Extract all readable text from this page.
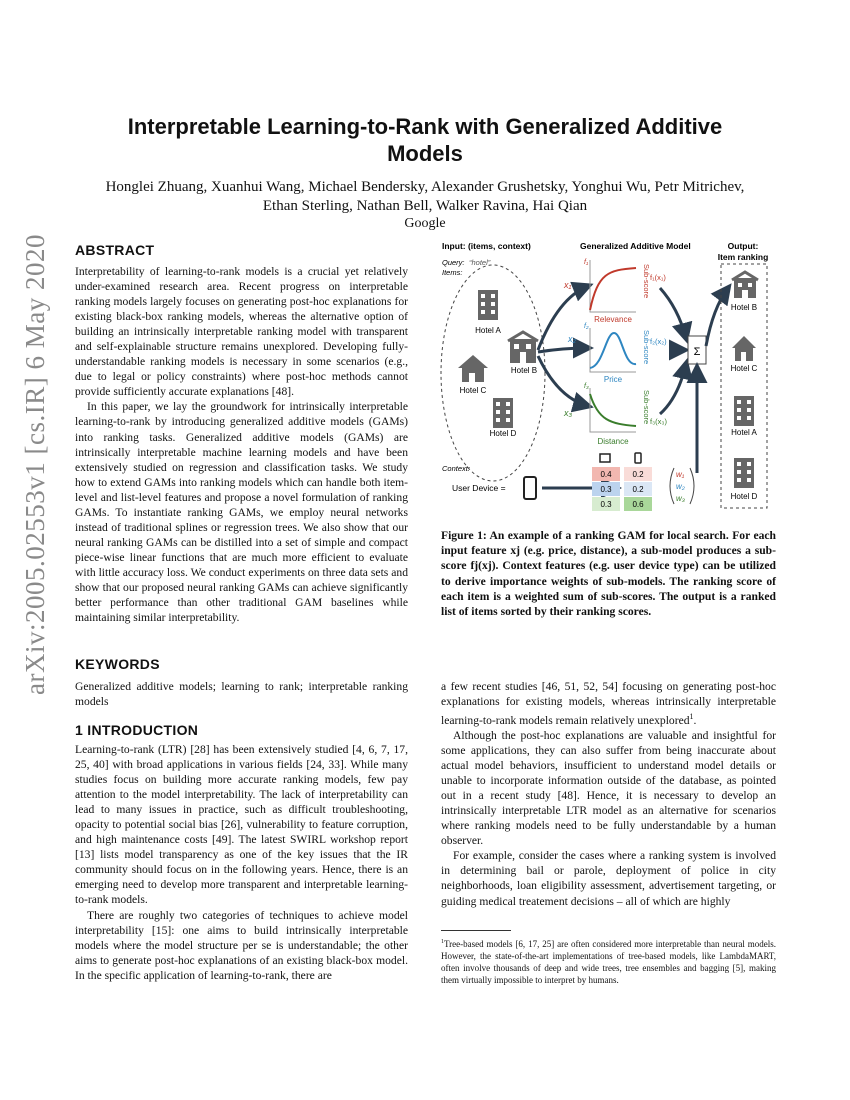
arXiv:2005.02553v1 [cs.IR] 6 May 2020
Interpretable Learning-to-Rank with Generalized Additive Models
Honglei Zhuang, Xuanhui Wang, Michael Bendersky, Alexander Grushetsky, Yonghui Wu, Petr Mitrichev, Ethan Sterling, Nathan Bell, Walker Ravina, Hai Qian
Google
ABSTRACT

Interpretability of learning-to-rank models is a crucial yet relatively under-examined research area. Recent progress on interpretable ranking models largely focuses on generating post-hoc explanations for existing black-box ranking models, whereas the alternative option of building an intrinsically interpretable ranking model with transparent and self-explainable structure remains unexplored. Developing fully-understandable ranking models is necessary in some scenarios (e.g., due to legal or policy constraints) where post-hoc methods cannot provide sufficiently accurate explanations [48].

In this paper, we lay the groundwork for intrinsically interpretable learning-to-rank by introducing generalized additive models (GAMs) into ranking tasks. Generalized additive models (GAMs) are intrinsically interpretable machine learning models and have been extensively studied on regression and classification tasks. We study how to extend GAMs into ranking models which can handle both item-level and list-level features and propose a novel formulation of ranking GAMs. To instantiate ranking GAMs, we employ neural networks instead of traditional splines or regression trees. We also show that our neural ranking GAMs can be distilled into a set of simple and compact piece-wise linear functions that are much more efficient to evaluate with little accuracy loss. We conduct experiments on three data sets and show that our proposed neural ranking GAMs can achieve significantly better performance than other traditional GAM baselines while maintaining similar interpretability.

KEYWORDS
Generalized additive models; learning to rank; interpretable ranking models
1 INTRODUCTION

Learning-to-rank (LTR) [28] has been extensively studied [4, 6, 7, 17, 25, 40] with broad applications in various fields [24, 33]. While many studies focus on building more accurate ranking models, few pay attention to the model interpretability. The lack of interpretability can lead to many issues in practice, such as difficult troubleshooting, opacity to potential social bias [26], vulnerability to feature corruption, and high maintenance costs [49]. The latest SWIRL workshop report [13] lists model transparency as one of the key issues that the IR community should focus on in the following years. Hence, there is an emerging need to develop more transparent and interpretable learning-to-rank models.

There are roughly two categories of techniques to achieve model interpretability [15]: one aims to build intrinsically interpretable models where the model structure per se is understandable; the other aims to generate post-hoc explanations of an existing black-box model. In the specific application of learning-to-rank, there are

Input: (items, context)	Generalized Additive Model	Output:
Item ranking
Query: “hotel”
Items:
Hotel A
Hotel B
Hotel C
Hotel D
x₁
x₂
x₃
f₁
Relevance
Sub-score f₁(x₁)
f₂
Price
Sub-score f₂(x₂)
f₃
Distance
Sub-score f₃(x₃)
Σ
Hotel B
Hotel C
Hotel A
Hotel D
Context:
User Device =
0.4	0.2
0.3	0.2
0.3	0.6
w₁
w₂
w₃
Figure 1: An example of a ranking GAM for local search. For each input feature xj (e.g. price, distance), a sub-model produces a sub-score fj(xj). Context features (e.g. user device type) can be utilized to derive importance weights of sub-models. The ranking score of each item is a weighted sum of sub-scores. The output is a ranked list of items sorted by their ranking scores.

a few recent studies [46, 51, 52, 54] focusing on generating post-hoc explanations for existing models, whereas intrinsically interpretable learning-to-rank models remain relatively unexplored$^1$.

Although the post-hoc explanations are valuable and insightful for some applications, they can also suffer from being inaccurate about actual model behaviors, insufficient to understand model details or unable to incorporate information outside of the database, as pointed out in a recent study [48]. Hence, it is necessary to develop an intrinsically interpretable LTR model as an alternative for scenarios where ranking models need to be fully understandable by a human observer.

For example, consider the cases where a ranking system is involved in determining bail or parole, deployment of police in city neighborhoods, loan eligibility assessment, advertisement targeting, or guiding medical treatement decisions – all of which are highly

$^1$Tree-based models [6, 17, 25] are often considered more interpretable than neural models. However, the state-of-the-art implementations of tree-based models, like LambdaMART, often involve thousands of deep and wide trees, tree ensembles and bagging [5], making them virtually impossible to interpret by humans.
